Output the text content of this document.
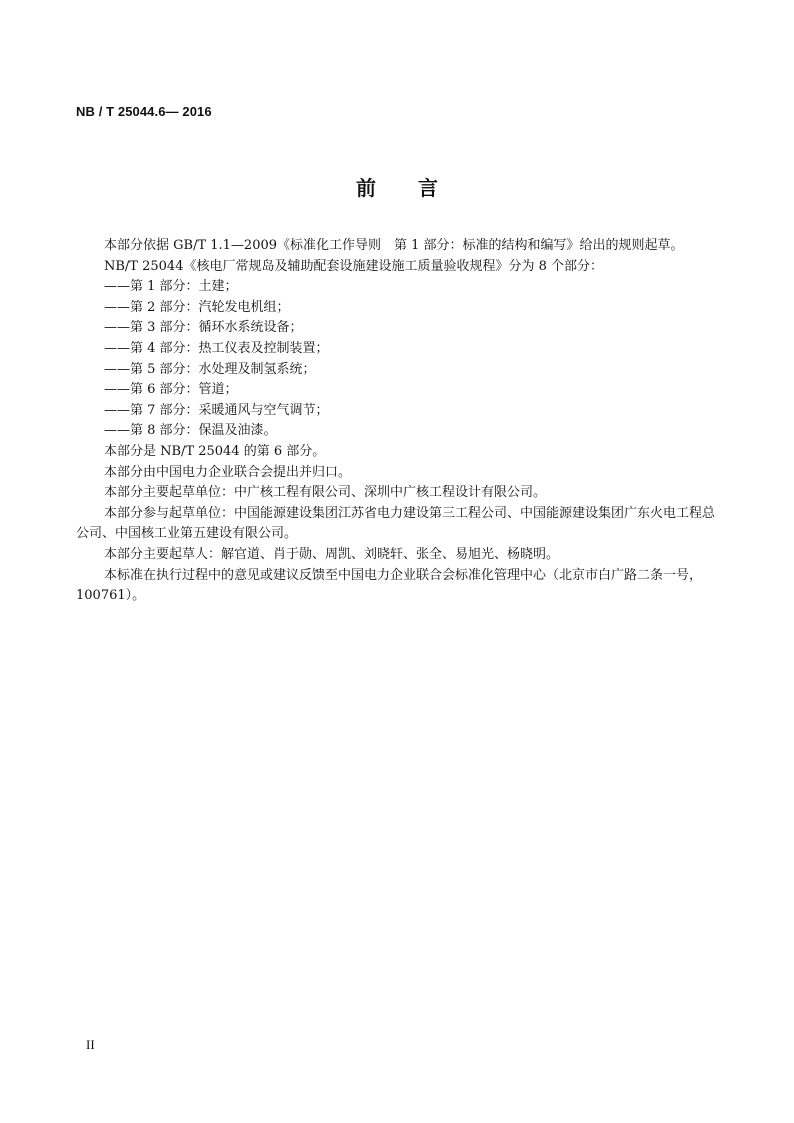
NB / T 25044.6— 2016
前 言

本部分依据 GB/T 1.1—2009《标准化工作导则　第 1 部分：标准的结构和编写》给出的规则起草。

NB/T 25044《核电厂常规岛及辅助配套设施建设施工质量验收规程》分为 8 个部分：

——第 1 部分：土建；

——第 2 部分：汽轮发电机组；

——第 3 部分：循环水系统设备；

——第 4 部分：热工仪表及控制装置；

——第 5 部分：水处理及制氢系统；

——第 6 部分：管道；

——第 7 部分：采暖通风与空气调节；

——第 8 部分：保温及油漆。

本部分是 NB/T 25044 的第 6 部分。

本部分由中国电力企业联合会提出并归口。

本部分主要起草单位：中广核工程有限公司、深圳中广核工程设计有限公司。

本部分参与起草单位：中国能源建设集团江苏省电力建设第三工程公司、中国能源建设集团广东火电工程总公司、中国核工业第五建设有限公司。

本部分主要起草人：解官道、肖于勋、周凯、刘晓轩、张全、易旭光、杨晓明。

本标准在执行过程中的意见或建议反馈至中国电力企业联合会标准化管理中心（北京市白广路二条一号，100761）。

II
